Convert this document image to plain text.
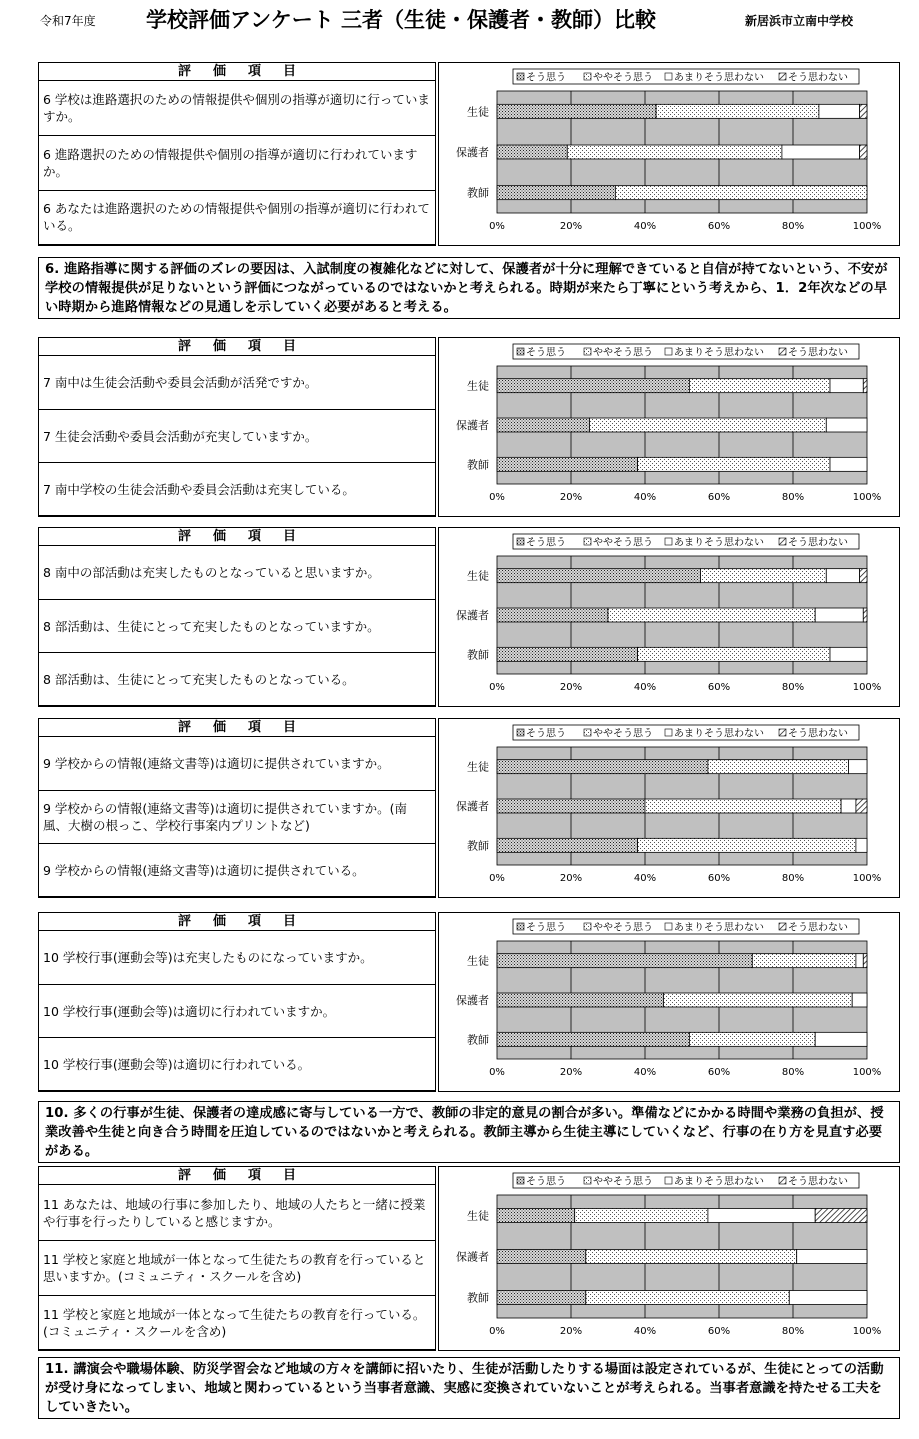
令和7年度 学校評価アンケート 三者（生徒・保護者・教師）比較	新居浜市立南中学校
評価項目
6 学校は進路選択のための情報提供や個別の指導が適切に行っていますか。
6 進路選択のための情報提供や個別の指導が適切に行われていますか。
6 あなたは進路選択のための情報提供や個別の指導が適切に行われている。
そう思う	ややそう思う あまりそう思わない そう思わない
生徒
保護者
教師
0%	20%	40%	60%	80%	100%
6. 進路指導に関する評価のズレの要因は、入試制度の複雑化などに対して、保護者が十分に理解できていると自信が持てないという、不安が学校の情報提供が足りないという評価につながっているのではないかと考えられる。時期が来たら丁寧にという考えから、1．2年次などの早い時期から進路情報などの見通しを示していく必要があると考える。
評価項目
7 南中は生徒会活動や委員会活動が活発ですか。
7 生徒会活動や委員会活動が充実していますか。
7 南中学校の生徒会活動や委員会活動は充実している。
そう思う	ややそう思う あまりそう思わない そう思わない
生徒
保護者
教師
0%	20%	40%	60%	80%	100%
評価項目
8 南中の部活動は充実したものとなっていると思いますか。
8 部活動は、生徒にとって充実したものとなっていますか。
8 部活動は、生徒にとって充実したものとなっている。
そう思う	ややそう思う あまりそう思わない そう思わない
生徒
保護者
教師
0%	20%	40%	60%	80%	100%
評価項目
9 学校からの情報(連絡文書等)は適切に提供されていますか。
9 学校からの情報(連絡文書等)は適切に提供されていますか。(南風、大樹の根っこ、学校行事案内プリントなど)
9 学校からの情報(連絡文書等)は適切に提供されている。
そう思う	ややそう思う あまりそう思わない そう思わない
生徒
保護者
教師
0%	20%	40%	60%	80%	100%
評価項目
10 学校行事(運動会等)は充実したものになっていますか。
10 学校行事(運動会等)は適切に行われていますか。
10 学校行事(運動会等)は適切に行われている。
そう思う	ややそう思う あまりそう思わない そう思わない
生徒
保護者
教師
0%	20%	40%	60%	80%	100%
10. 多くの行事が生徒、保護者の達成感に寄与している一方で、教師の非定的意見の割合が多い。準備などにかかる時間や業務の負担が、授業改善や生徒と向き合う時間を圧迫しているのではないかと考えられる。教師主導から生徒主導にしていくなど、行事の在り方を見直す必要がある。
評価項目
11 あなたは、地域の行事に参加したり、地域の人たちと一緒に授業や行事を行ったりしていると感じますか。
11 学校と家庭と地域が一体となって生徒たちの教育を行っていると思いますか。(コミュニティ・スクールを含め)
11 学校と家庭と地域が一体となって生徒たちの教育を行っている。(コミュニティ・スクールを含め)
そう思う	ややそう思う あまりそう思わない そう思わない
生徒
保護者
教師
0%	20%	40%	60%	80%	100%
11. 講演会や職場体験、防災学習会など地域の方々を講師に招いたり、生徒が活動したりする場面は設定されているが、生徒にとっての活動が受け身になってしまい、地域と関わっているという当事者意識、実感に変換されていないことが考えられる。当事者意識を持たせる工夫をしていきたい。
